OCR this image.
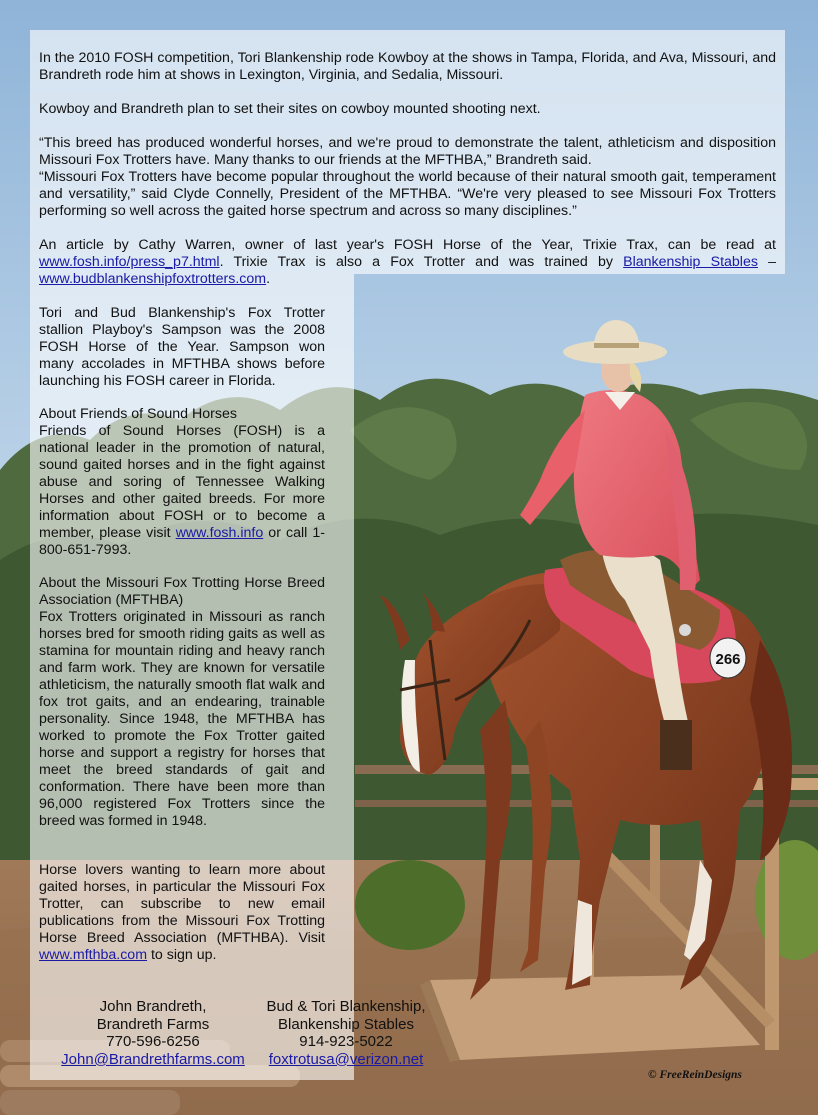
266

In the 2010 FOSH competition, Tori Blankenship rode Kowboy at the shows in Tampa, Florida, and Ava, Missouri, and Brandreth rode him at shows in Lexington, Virginia, and Sedalia, Missouri.

Kowboy and Brandreth plan to set their sites on cowboy mounted shooting next.

“This breed has produced wonderful horses, and we're proud to demonstrate the talent, athleticism and disposition Missouri Fox Trotters have. Many thanks to our friends at the MFTHBA,” Brandreth said.

“Missouri Fox Trotters have become popular throughout the world because of their natural smooth gait, temperament and versatility,” said Clyde Connelly, President of the MFTHBA. “We're very pleased to see Missouri Fox Trotters performing so well across the gaited horse spectrum and across so many disciplines.”

An article by Cathy Warren, owner of last year's FOSH Horse of the Year, Trixie Trax, can be read at www.fosh.info/press_p7.html. Trixie Trax is also a Fox Trotter and was trained by Blankenship Stables – www.budblankenshipfoxtrotters.com.

Tori and Bud Blankenship's Fox Trotter stallion Playboy's Sampson was the 2008 FOSH Horse of the Year. Sampson won many accolades in MFTHBA shows before launching his FOSH career in Florida.

About Friends of Sound Horses

Friends of Sound Horses (FOSH) is a national leader in the promotion of natural, sound gaited horses and in the fight against abuse and soring of Tennessee Walking Horses and other gaited breeds. For more information about FOSH or to become a member, please visit www.fosh.info or call 1-800-651-7993.

About the Missouri Fox Trotting Horse Breed Association (MFTHBA)

Fox Trotters originated in Missouri as ranch horses bred for smooth riding gaits as well as stamina for mountain riding and heavy ranch and farm work. They are known for versatile athleticism, the naturally smooth flat walk and fox trot gaits, and an endearing, trainable personality. Since 1948, the MFTHBA has worked to promote the Fox Trotter gaited horse and support a registry for horses that meet the breed standards of gait and conformation. There have been more than 96,000 registered Fox Trotters since the breed was formed in 1948.

Horse lovers wanting to learn more about gaited horses, in particular the Missouri Fox Trotter, can subscribe to new email publications from the Missouri Fox Trotting Horse Breed Association (MFTHBA). Visit www.mfthba.com to sign up.

John Brandreth,
Brandreth Farms
770-596-6256
John@Brandrethfarms.com
Bud & Tori Blankenship,
Blankenship Stables
914-923-5022
foxtrotusa@verizon.net
© FreeReinDesigns
